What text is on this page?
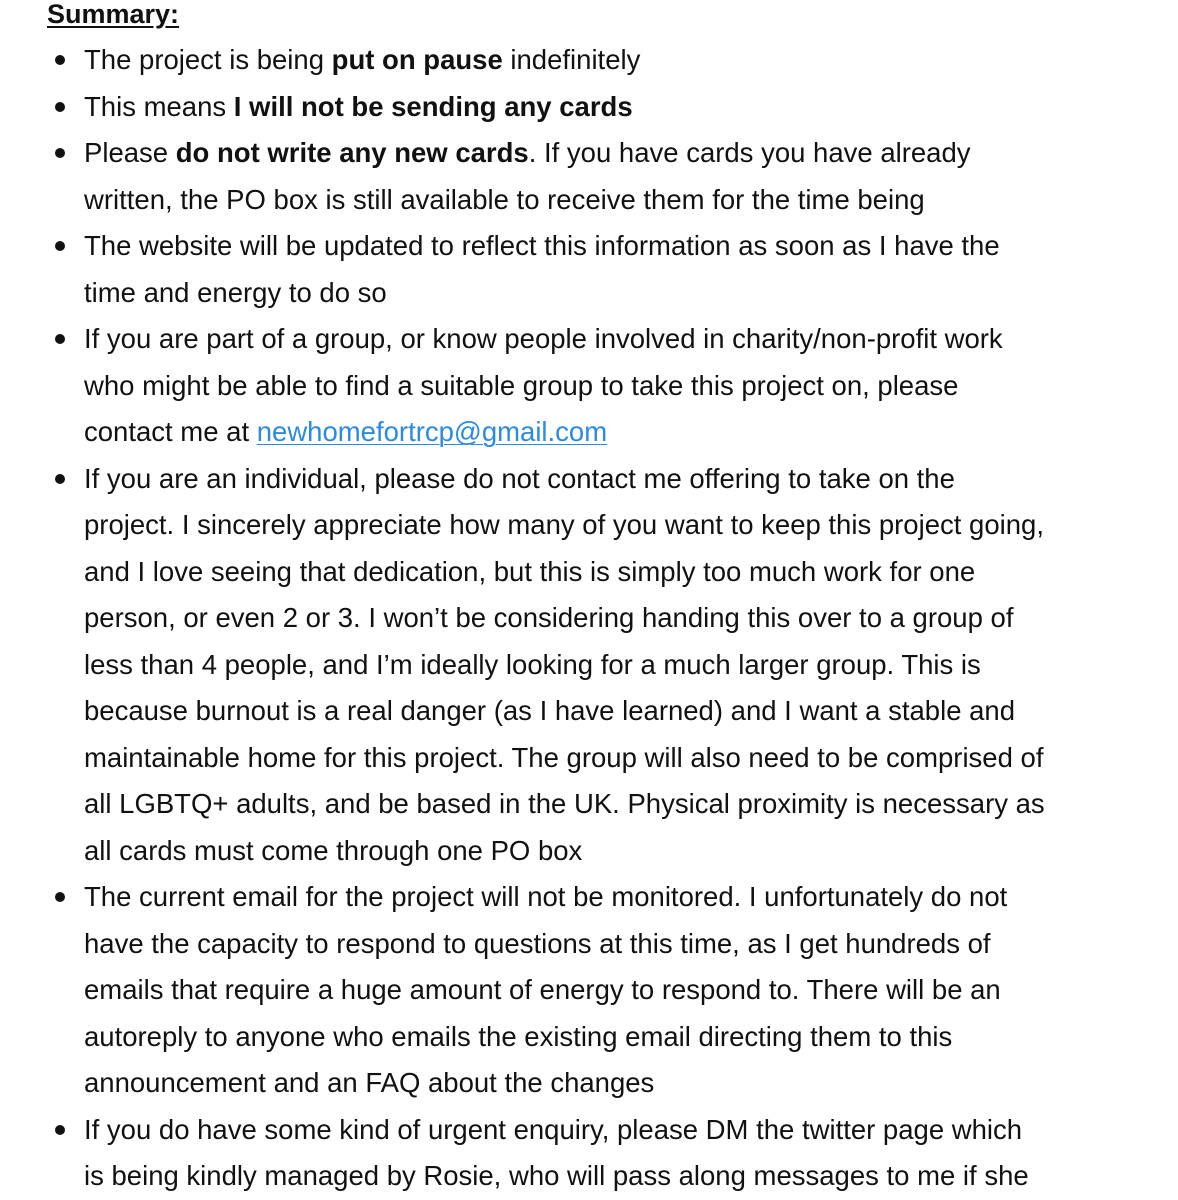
Summary:
The project is being put on pause indefinitely
This means I will not be sending any cards
Please do not write any new cards. If you have cards you have already
written, the PO box is still available to receive them for the time being
The website will be updated to reflect this information as soon as I have the
time and energy to do so
If you are part of a group, or know people involved in charity/non-profit work
who might be able to find a suitable group to take this project on, please
contact me at newhomefortrcp@gmail.com
If you are an individual, please do not contact me offering to take on the
project. I sincerely appreciate how many of you want to keep this project going,
and I love seeing that dedication, but this is simply too much work for one
person, or even 2 or 3. I won’t be considering handing this over to a group of
less than 4 people, and I’m ideally looking for a much larger group. This is
because burnout is a real danger (as I have learned) and I want a stable and
maintainable home for this project. The group will also need to be comprised of
all LGBTQ+ adults, and be based in the UK. Physical proximity is necessary as
all cards must come through one PO box
The current email for the project will not be monitored. I unfortunately do not
have the capacity to respond to questions at this time, as I get hundreds of
emails that require a huge amount of energy to respond to. There will be an
autoreply to anyone who emails the existing email directing them to this
announcement and an FAQ about the changes
If you do have some kind of urgent enquiry, please DM the twitter page which
is being kindly managed by Rosie, who will pass along messages to me if she
